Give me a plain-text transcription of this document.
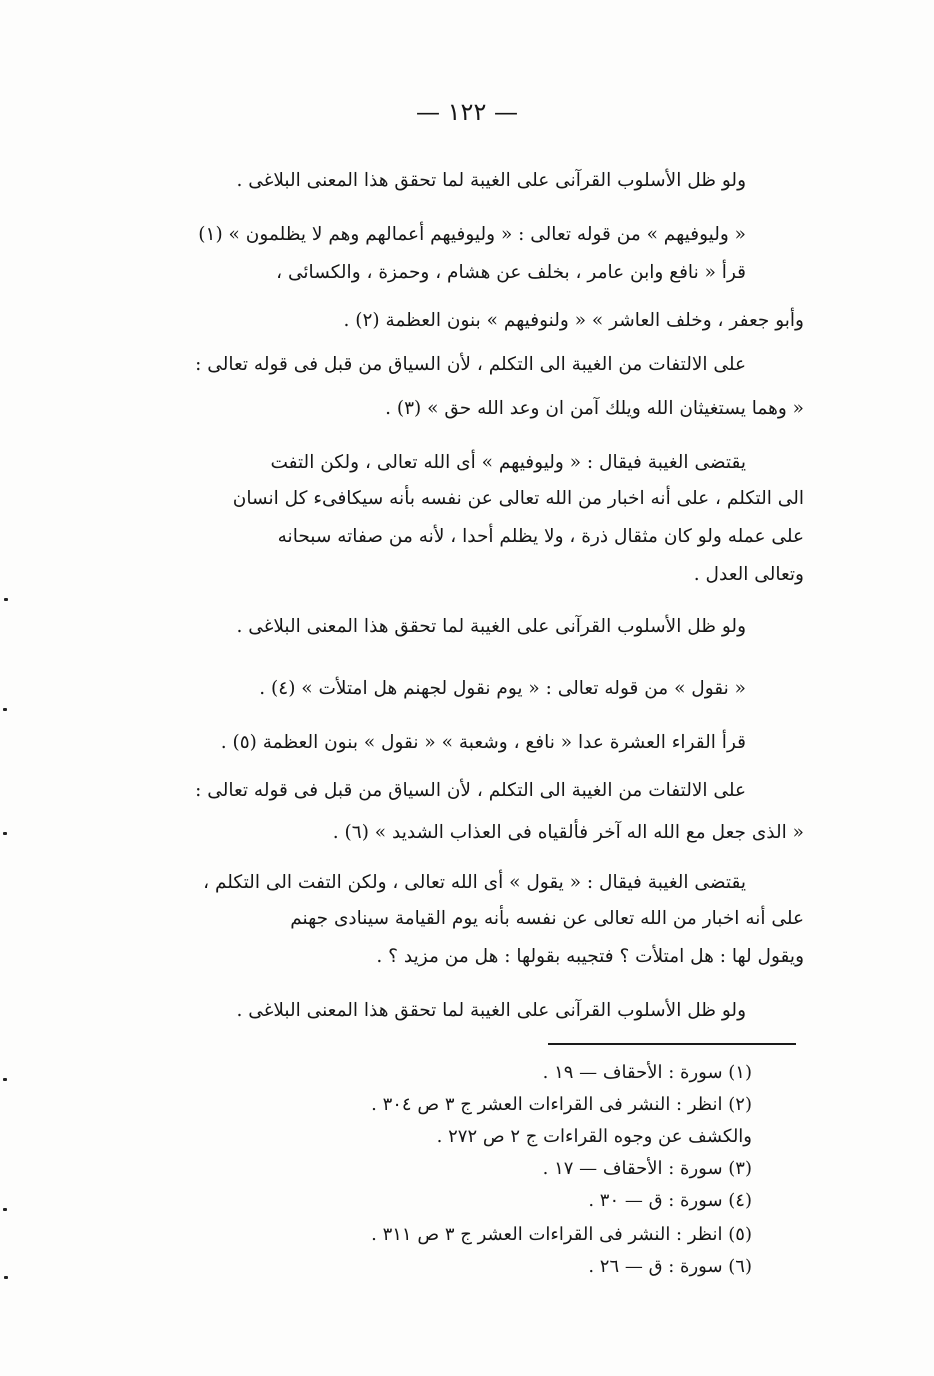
— ١٢٢ —
ولو ظل الأسلوب القرآنى على الغيبة لما تحقق هذا المعنى البلاغى .
« وليوفيهم » من قوله تعالى : « وليوفيهم أعمالهم وهم لا يظلمون » (١)
قرأ « نافع وابن عامر ، بخلف عن هشام ، وحمزة ، والكسائى ،
وأبو جعفر ، وخلف العاشر » « ولنوفيهم » بنون العظمة (٢) .
على الالتفات من الغيبة الى التكلم ، لأن السياق من قبل فى قوله تعالى :
« وهما يستغيثان الله ويلك آمن ان وعد الله حق » (٣) .
يقتضى الغيبة فيقال : « وليوفيهم » أى الله تعالى ، ولكن التفت
الى التكلم ، على أنه اخبار من الله تعالى عن نفسه بأنه سيكافىء كل انسان
على عمله ولو كان مثقال ذرة ، ولا يظلم أحدا ، لأنه من صفاته سبحانه
وتعالى العدل .
ولو ظل الأسلوب القرآنى على الغيبة لما تحقق هذا المعنى البلاغى .
« نقول » من قوله تعالى : « يوم نقول لجهنم هل امتلأت » (٤) .
قرأ القراء العشرة عدا « نافع ، وشعبة » « نقول » بنون العظمة (٥) .
على الالتفات من الغيبة الى التكلم ، لأن السياق من قبل فى قوله تعالى :
« الذى جعل مع الله اله آخر فألقياه فى العذاب الشديد » (٦) .
يقتضى الغيبة فيقال : « يقول » أى الله تعالى ، ولكن التفت الى التكلم ،
على أنه اخبار من الله تعالى عن نفسه بأنه يوم القيامة سينادى جهنم
ويقول لها : هل امتلأت ؟ فتجيبه بقولها : هل من مزيد ؟ .
ولو ظل الأسلوب القرآنى على الغيبة لما تحقق هذا المعنى البلاغى .
(١) سورة : الأحقاف — ١٩ .
(٢) انظر : النشر فى القراءات العشر ج ٣ ص ٣٠٤ .
والكشف عن وجوه القراءات ج ٢ ص ٢٧٢ .
(٣) سورة : الأحقاف — ١٧ .
(٤) سورة : ق — ٣٠ .
(٥) انظر : النشر فى القراءات العشر ج ٣ ص ٣١١ .
(٦) سورة : ق — ٢٦ .
